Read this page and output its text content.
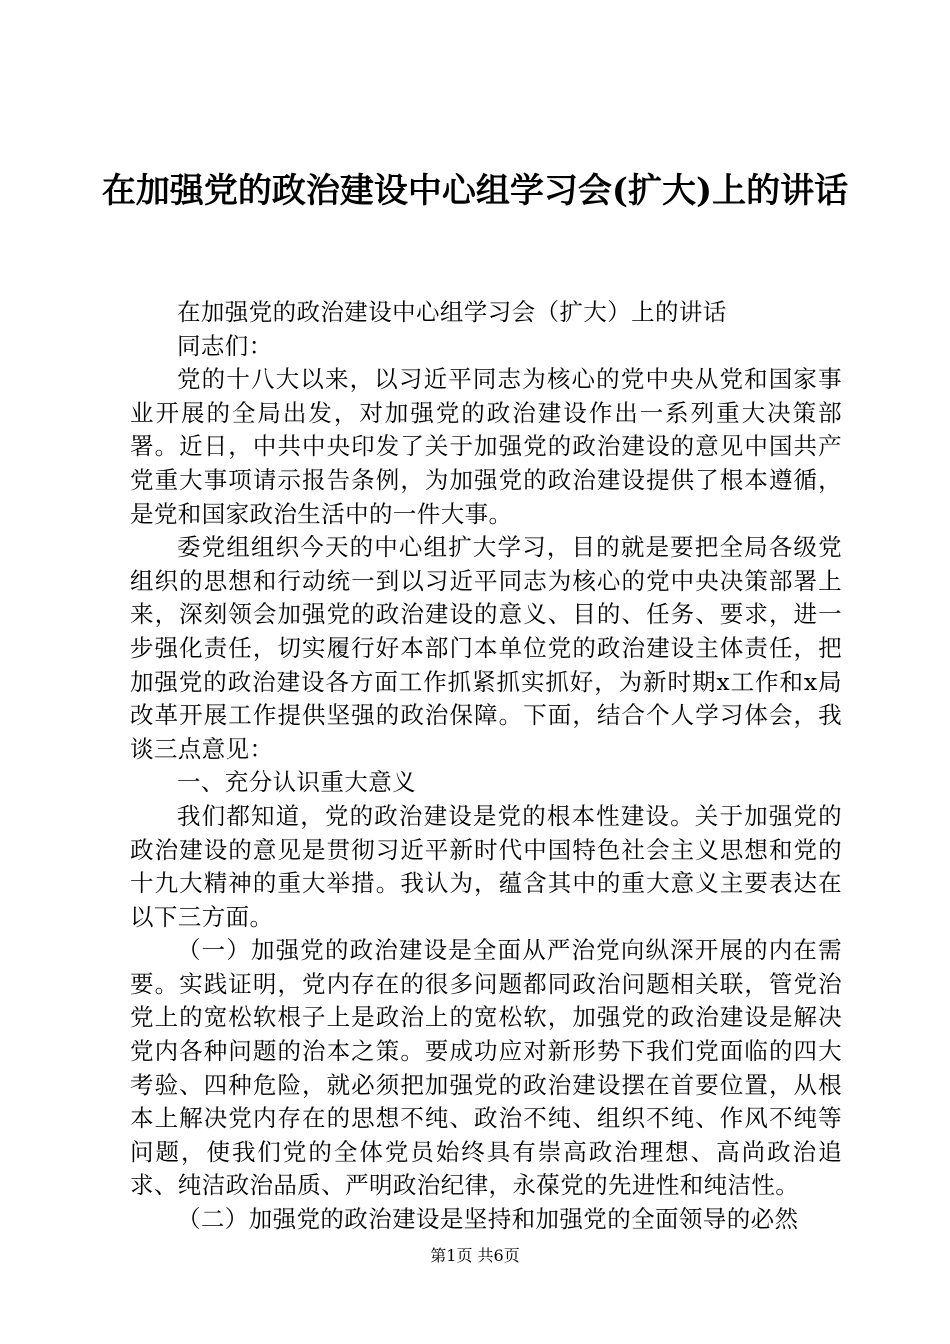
在加强党的政治建设中心组学习会(扩大)上的讲话

在加强党的政治建设中心组学习会（扩大）上的讲话

同志们：

党的十八大以来，以习近平同志为核心的党中央从党和国家事业开展的全局出发，对加强党的政治建设作出一系列重大决策部署。近日，中共中央印发了关于加强党的政治建设的意见中国共产党重大事项请示报告条例，为加强党的政治建设提供了根本遵循，是党和国家政治生活中的一件大事。

委党组组织今天的中心组扩大学习，目的就是要把全局各级党组织的思想和行动统一到以习近平同志为核心的党中央决策部署上来，深刻领会加强党的政治建设的意义、目的、任务、要求，进一步强化责任，切实履行好本部门本单位党的政治建设主体责任，把加强党的政治建设各方面工作抓紧抓实抓好，为新时期x工作和x局改革开展工作提供坚强的政治保障。下面，结合个人学习体会，我谈三点意见：

一、充分认识重大意义

我们都知道，党的政治建设是党的根本性建设。关于加强党的政治建设的意见是贯彻习近平新时代中国特色社会主义思想和党的十九大精神的重大举措。我认为，蕴含其中的重大意义主要表达在以下三方面。

（一）加强党的政治建设是全面从严治党向纵深开展的内在需要。实践证明，党内存在的很多问题都同政治问题相关联，管党治党上的宽松软根子上是政治上的宽松软，加强党的政治建设是解决党内各种问题的治本之策。要成功应对新形势下我们党面临的四大考验、四种危险，就必须把加强党的政治建设摆在首要位置，从根本上解决党内存在的思想不纯、政治不纯、组织不纯、作风不纯等问题，使我们党的全体党员始终具有崇高政治理想、高尚政治追求、纯洁政治品质、严明政治纪律，永葆党的先进性和纯洁性。

（二）加强党的政治建设是坚持和加强党的全面领导的必然

第1页 共6页
